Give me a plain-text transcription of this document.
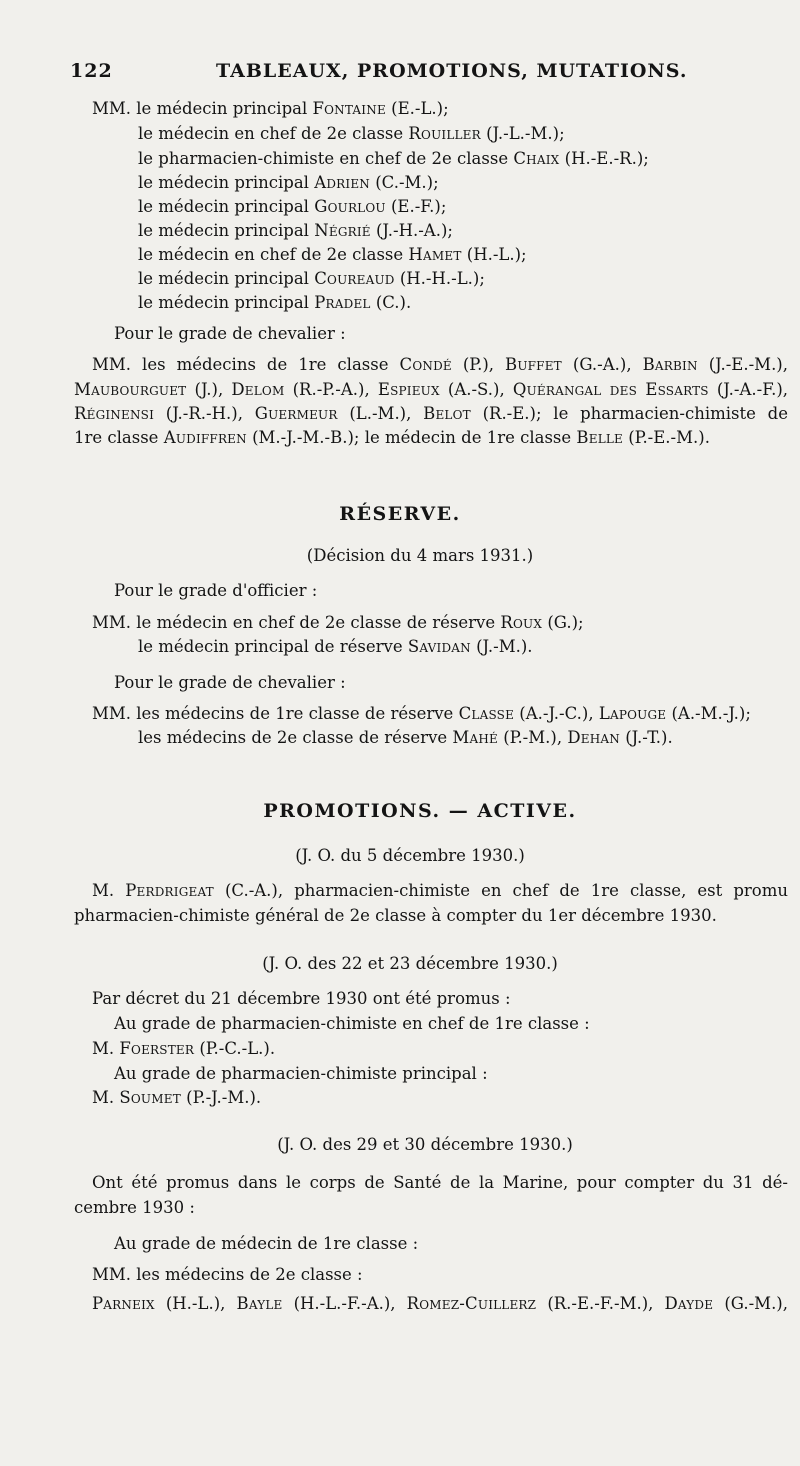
122	TABLEAUX, PROMOTIONS, MUTATIONS.
MM. le médecin principal Fontaine (E.-L.);
le médecin en chef de 2e classe Rouiller (J.-L.-M.);
le pharmacien-chimiste en chef de 2e classe Chaix (H.-E.-R.);
le médecin principal Adrien (C.-M.);
le médecin principal Gourlou (E.-F.);
le médecin principal Négrié (J.-H.-A.);
le médecin en chef de 2e classe Hamet (H.-L.);
le médecin principal Coureaud (H.-H.-L.);
le médecin principal Pradel (C.).
Pour le grade de chevalier :
MM. les médecins de 1re classe Condé (P.), Buffet (G.-A.), Barbin (J.-E.-M.),
Maubourguet (J.), Delom (R.-P.-A.), Espieux (A.-S.), Quérangal des Essarts (J.-A.-F.),
Réginensi (J.-R.-H.), Guermeur (L.-M.), Belot (R.-E.); le pharmacien-chimiste de
1re classe Audiffren (M.-J.-M.-B.); le médecin de 1re classe Belle (P.-E.-M.).
RÉSERVE.
(Décision du 4 mars 1931.)
Pour le grade d'officier :
MM. le médecin en chef de 2e classe de réserve Roux (G.);
le médecin principal de réserve Savidan (J.-M.).
Pour le grade de chevalier :
MM. les médecins de 1re classe de réserve Classe (A.-J.-C.), Lapouge (A.-M.-J.);
les médecins de 2e classe de réserve Mahé (P.-M.), Dehan (J.-T.).
PROMOTIONS. — ACTIVE.
(J. O. du 5 décembre 1930.)
M. Perdrigeat (C.-A.), pharmacien-chimiste en chef de 1re classe, est promu
pharmacien-chimiste général de 2e classe à compter du 1er décembre 1930.
(J. O. des 22 et 23 décembre 1930.)
Par décret du 21 décembre 1930 ont été promus :
Au grade de pharmacien-chimiste en chef de 1re classe :
M. Foerster (P.-C.-L.).
Au grade de pharmacien-chimiste principal :
M. Soumet (P.-J.-M.).
(J. O. des 29 et 30 décembre 1930.)
Ont été promus dans le corps de Santé de la Marine, pour compter du 31 dé-
cembre 1930 :
Au grade de médecin de 1re classe :
MM. les médecins de 2e classe :
Parneix (H.-L.), Bayle (H.-L.-F.-A.), Romez-Cuillerz (R.-E.-F.-M.), Dayde (G.-M.),
